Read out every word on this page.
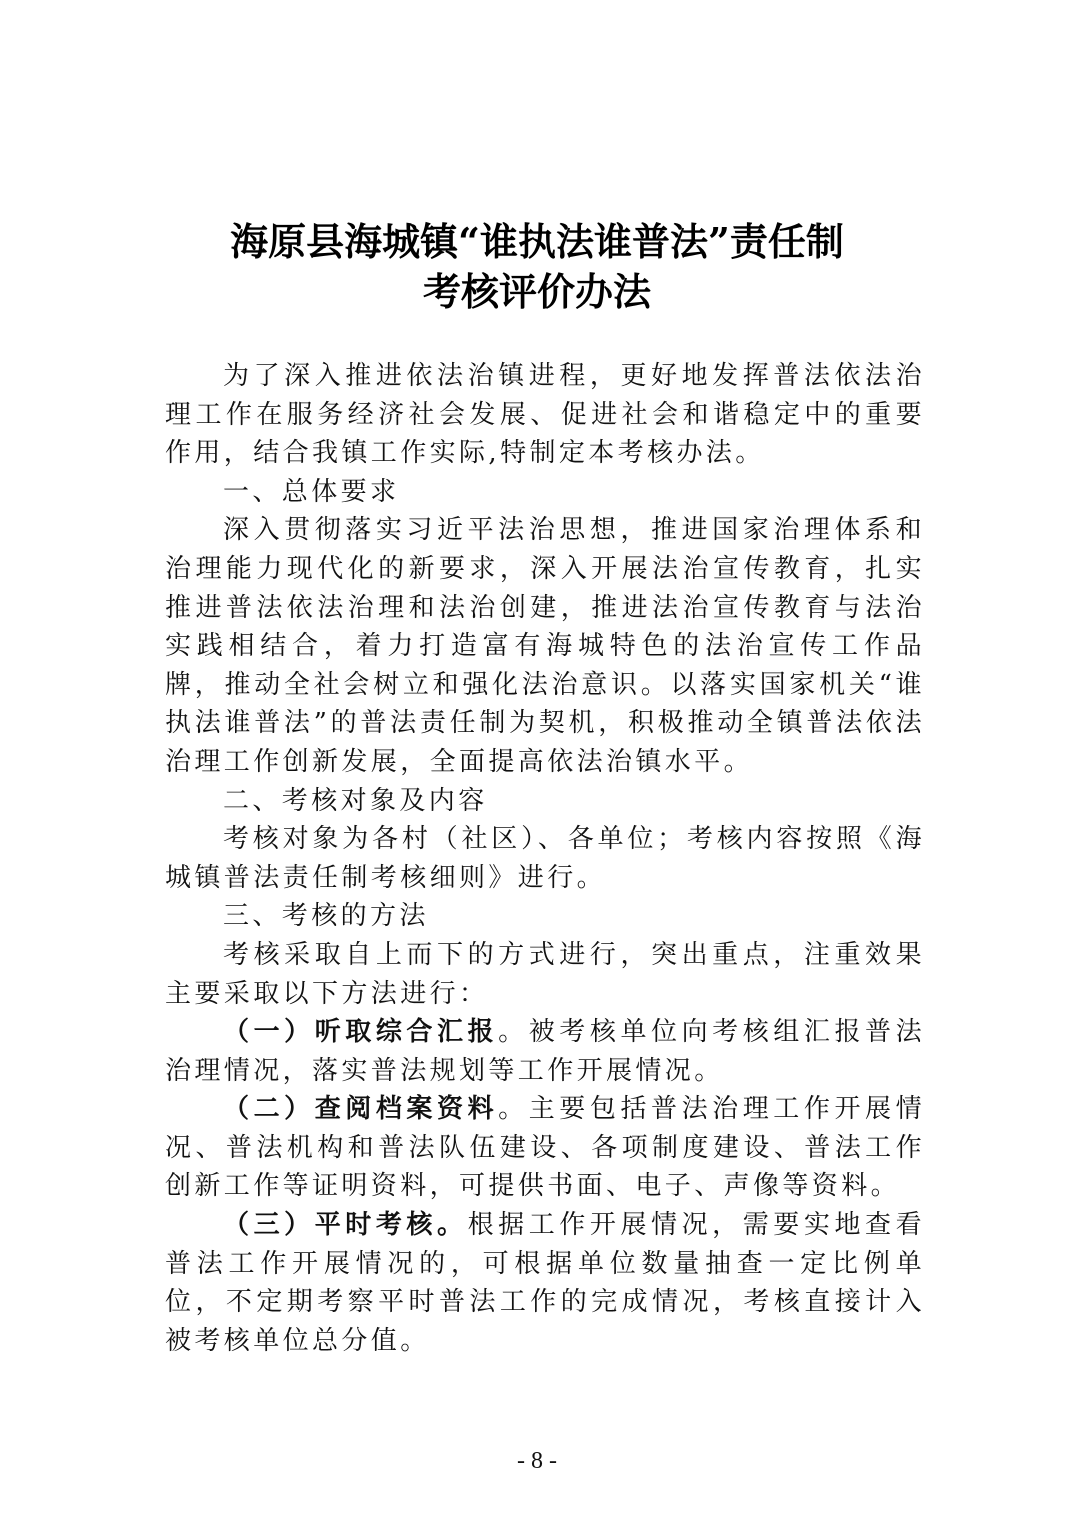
海原县海城镇“谁执法谁普法”责任制
考核评价办法

为了深入推进依法治镇进程，更好地发挥普法依法治理工作在服务经济社会发展、促进社会和谐稳定中的重要作用，结合我镇工作实际,特制定本考核办法。

一、总体要求

深入贯彻落实习近平法治思想，推进国家治理体系和治理能力现代化的新要求，深入开展法治宣传教育，扎实推进普法依法治理和法治创建，推进法治宣传教育与法治实践相结合，着力打造富有海城特色的法治宣传工作品牌，推动全社会树立和强化法治意识。以落实国家机关“谁执法谁普法”的普法责任制为契机，积极推动全镇普法依法治理工作创新发展，全面提高依法治镇水平。

二、考核对象及内容

考核对象为各村（社区）、各单位；考核内容按照《海城镇普法责任制考核细则》进行。

三、考核的方法

考核采取自上而下的方式进行，突出重点，注重效果主要采取以下方法进行：

（一）听取综合汇报。被考核单位向考核组汇报普法治理情况，落实普法规划等工作开展情况。

（二）查阅档案资料。主要包括普法治理工作开展情况、普法机构和普法队伍建设、各项制度建设、普法工作创新工作等证明资料，可提供书面、电子、声像等资料。

（三）平时考核。根据工作开展情况，需要实地查看普法工作开展情况的，可根据单位数量抽查一定比例单位，不定期考察平时普法工作的完成情况，考核直接计入被考核单位总分值。

- 8 -
